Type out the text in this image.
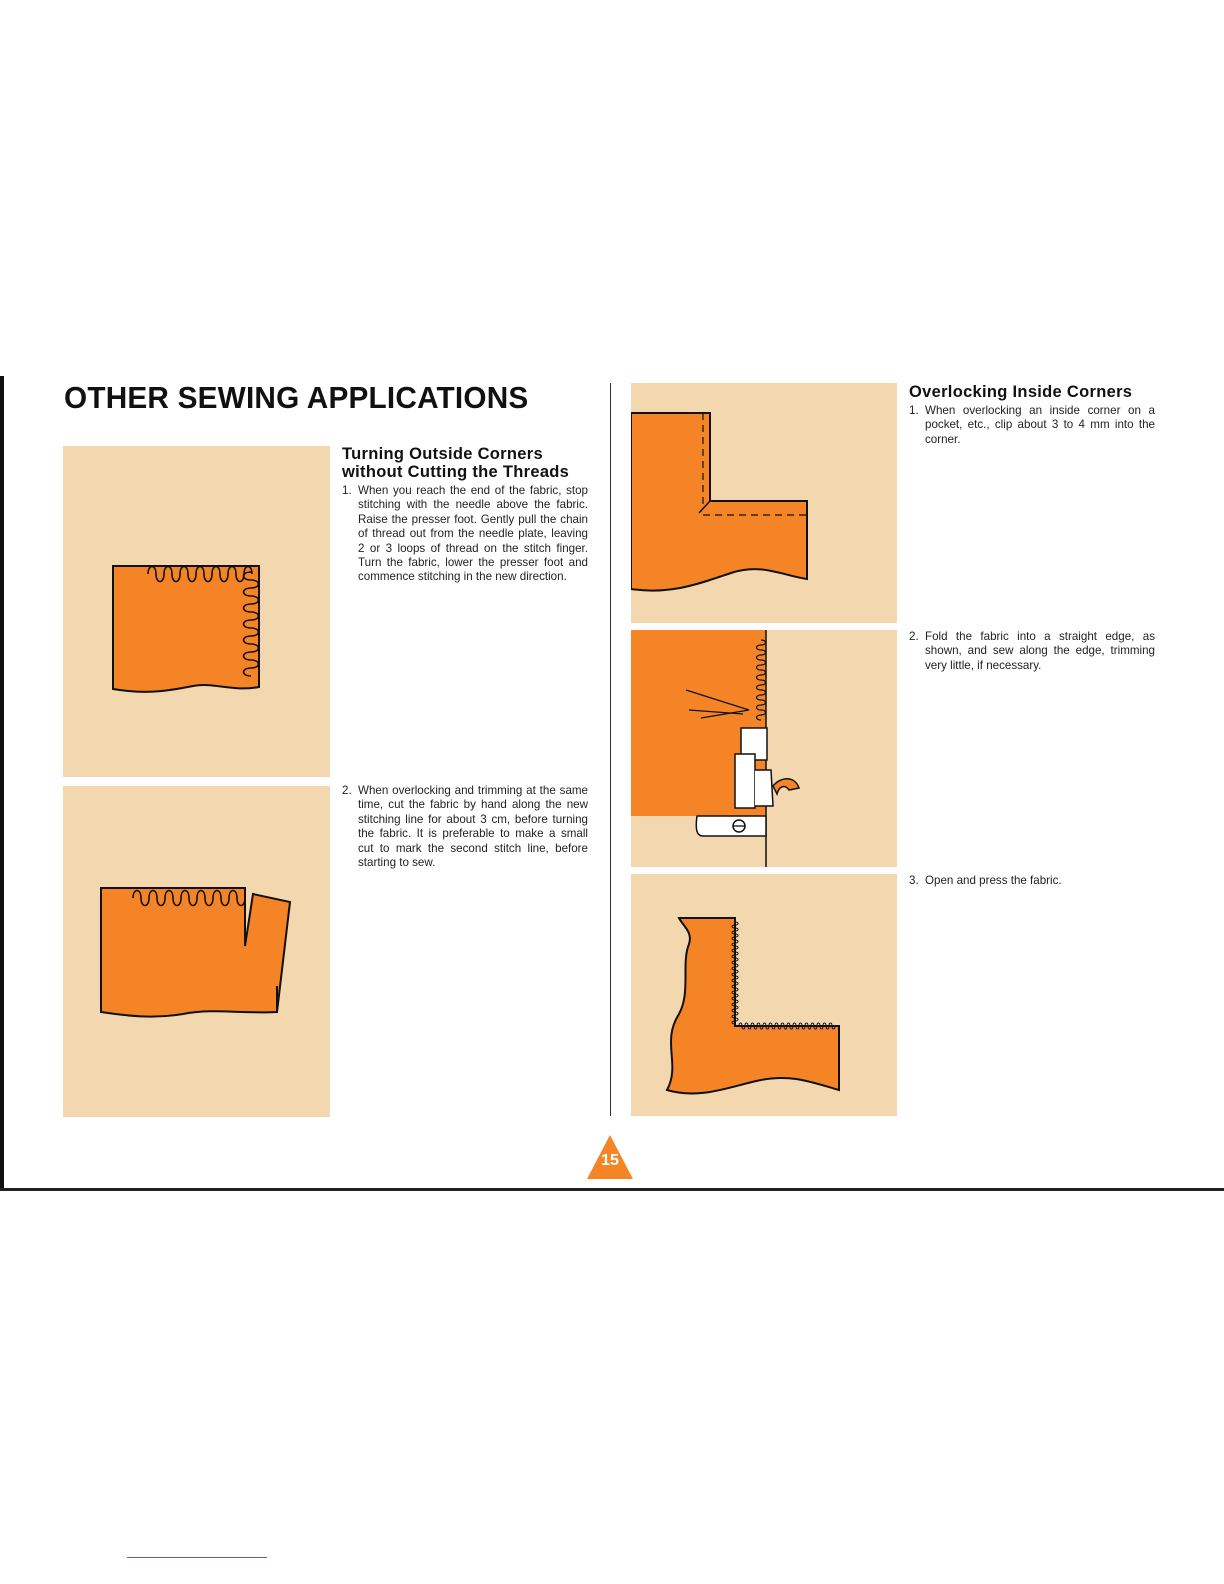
OTHER SEWING APPLICATIONS
Turning Outside Corners
without Cutting the Threads
1. When you reach the end of the fabric, stop stitching with the needle above the fabric. Raise the presser foot. Gently pull the chain of thread out from the needle plate, leaving 2 or 3 loops of thread on the stitch finger. Turn the fabric, lower the presser foot and commence stitching in the new direction.
2. When overlocking and trimming at the same time, cut the fabric by hand along the new stitching line for about 3 cm, before turning the fabric. It is preferable to make a small cut to mark the second stitch line, before starting to sew.
Overlocking Inside Corners
1. When overlocking an inside corner on a pocket, etc., clip about 3 to 4 mm into the corner.
2. Fold the fabric into a straight edge, as shown, and sew along the edge, trimming very little, if necessary.
3. Open and press the fabric.
15
